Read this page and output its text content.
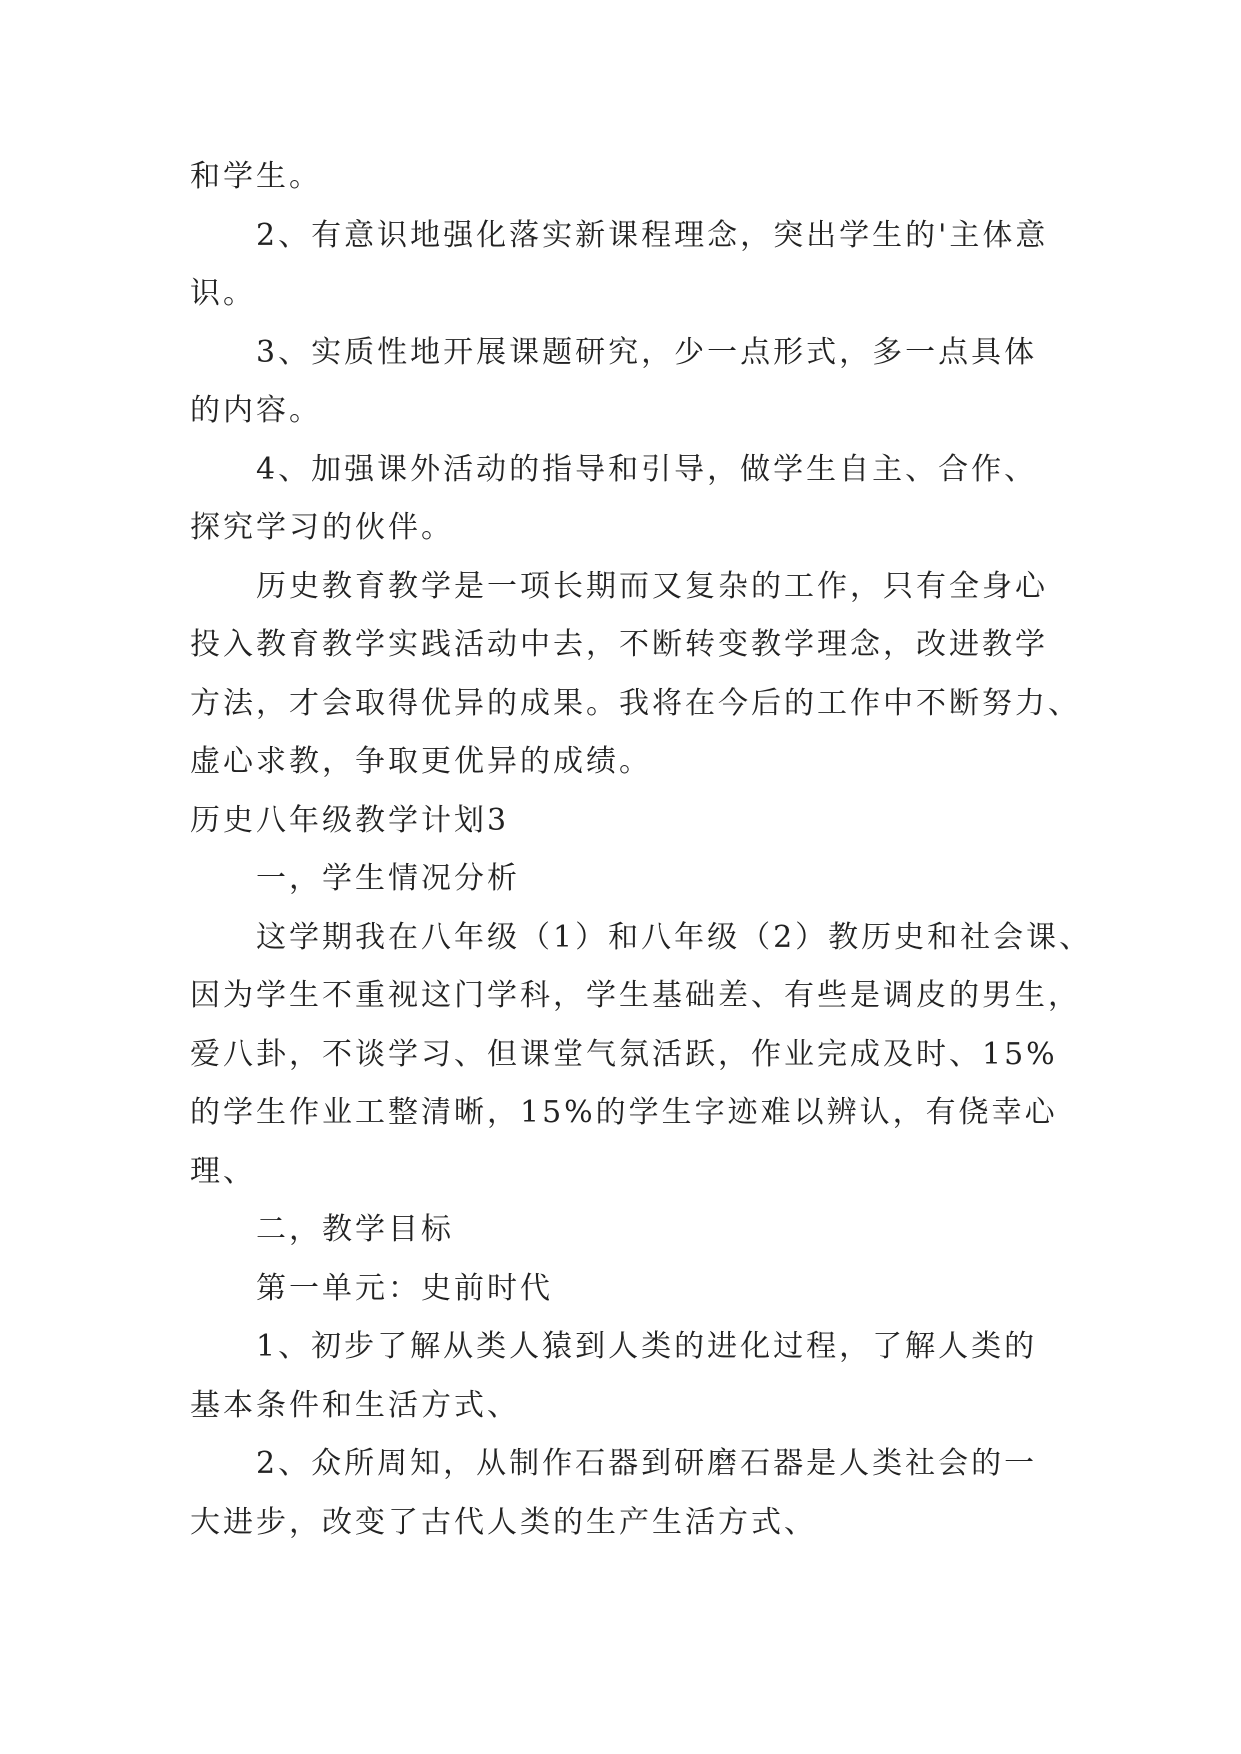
和学生。
2、有意识地强化落实新课程理念，突出学生的'主体意
识。
3、实质性地开展课题研究，少一点形式，多一点具体
的内容。
4、加强课外活动的指导和引导，做学生自主、合作、
探究学习的伙伴。
历史教育教学是一项长期而又复杂的工作，只有全身心
投入教育教学实践活动中去，不断转变教学理念，改进教学
方法，才会取得优异的成果。我将在今后的工作中不断努力、
虚心求教，争取更优异的成绩。
历史八年级教学计划3
一，学生情况分析
这学期我在八年级（1）和八年级（2）教历史和社会课、
因为学生不重视这门学科，学生基础差、有些是调皮的男生，
爱八卦，不谈学习、但课堂气氛活跃，作业完成及时、15%
的学生作业工整清晰，15%的学生字迹难以辨认，有侥幸心
理、
二，教学目标
第一单元：史前时代
1、初步了解从类人猿到人类的进化过程，了解人类的
基本条件和生活方式、
2、众所周知，从制作石器到研磨石器是人类社会的一
大进步，改变了古代人类的生产生活方式、
